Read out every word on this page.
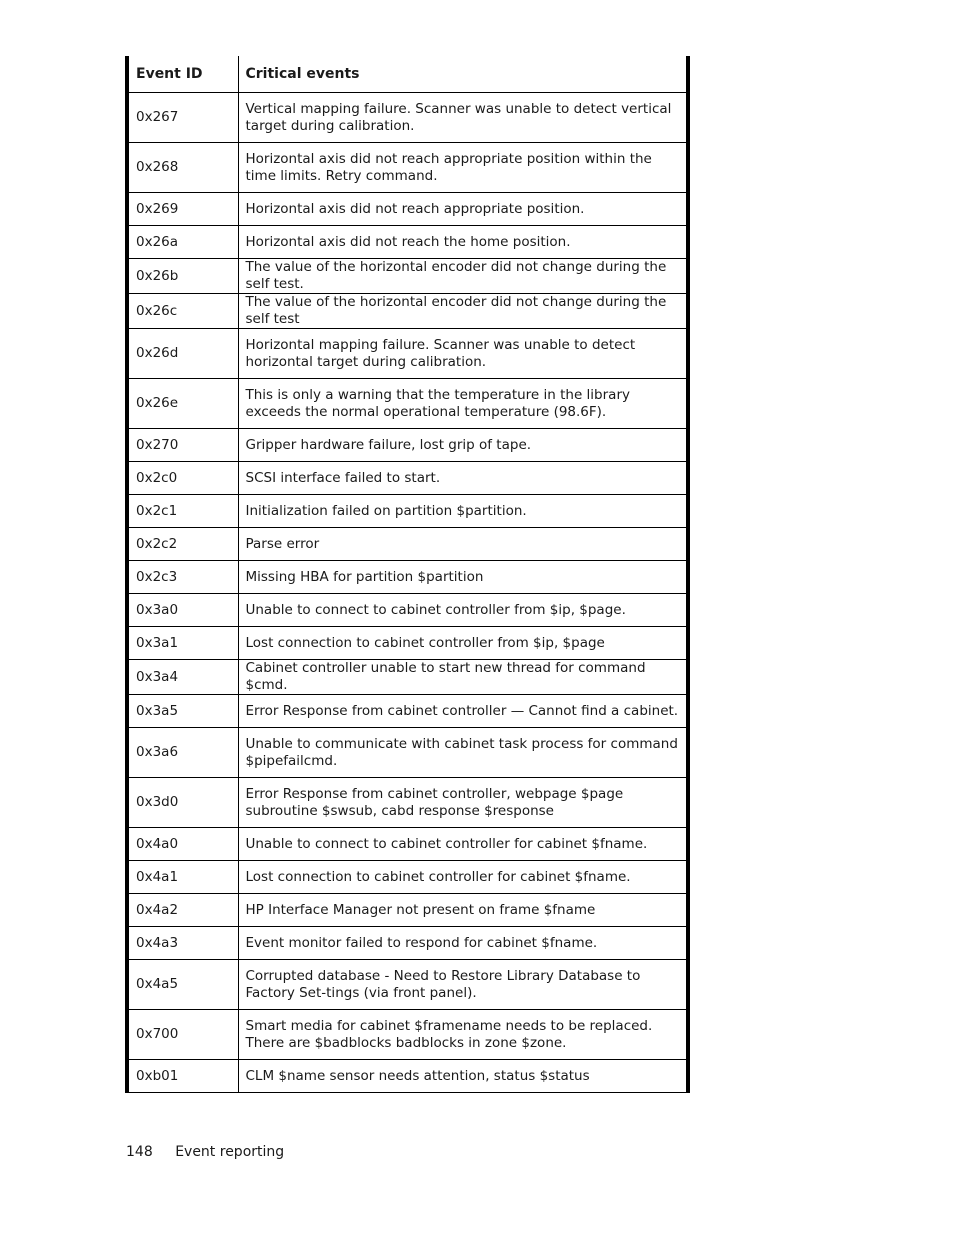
Event ID	Critical events
0x267	Vertical mapping failure. Scanner was unable to detect vertical target during calibration.
0x268	Horizontal axis did not reach appropriate position within the time limits. Retry command.
0x269	Horizontal axis did not reach appropriate position.
0x26a	Horizontal axis did not reach the home position.
0x26b	The value of the horizontal encoder did not change during the self test.
0x26c	The value of the horizontal encoder did not change during the self test
0x26d	Horizontal mapping failure. Scanner was unable to detect horizontal target during calibration.
0x26e	This is only a warning that the temperature in the library exceeds the normal operational temperature (98.6F).
0x270	Gripper hardware failure, lost grip of tape.
0x2c0	SCSI interface failed to start.
0x2c1	Initialization failed on partition $partition.
0x2c2	Parse error
0x2c3	Missing HBA for partition $partition
0x3a0	Unable to connect to cabinet controller from $ip, $page.
0x3a1	Lost connection to cabinet controller from $ip, $page
0x3a4	Cabinet controller unable to start new thread for command $cmd.
0x3a5	Error Response from cabinet controller — Cannot find a cabinet.
0x3a6	Unable to communicate with cabinet task process for command $pipefailcmd.
0x3d0	Error Response from cabinet controller, webpage $page subroutine $swsub, cabd response $response
0x4a0	Unable to connect to cabinet controller for cabinet $fname.
0x4a1	Lost connection to cabinet controller for cabinet $fname.
0x4a2	HP Interface Manager not present on frame $fname
0x4a3	Event monitor failed to respond for cabinet $fname.
0x4a5	Corrupted database - Need to Restore Library Database to Factory Set-tings (via front panel).
0x700	Smart media for cabinet $framename needs to be replaced. There are $badblocks badblocks in zone $zone.
0xb01	CLM $name sensor needs attention, status $status
148 Event reporting
